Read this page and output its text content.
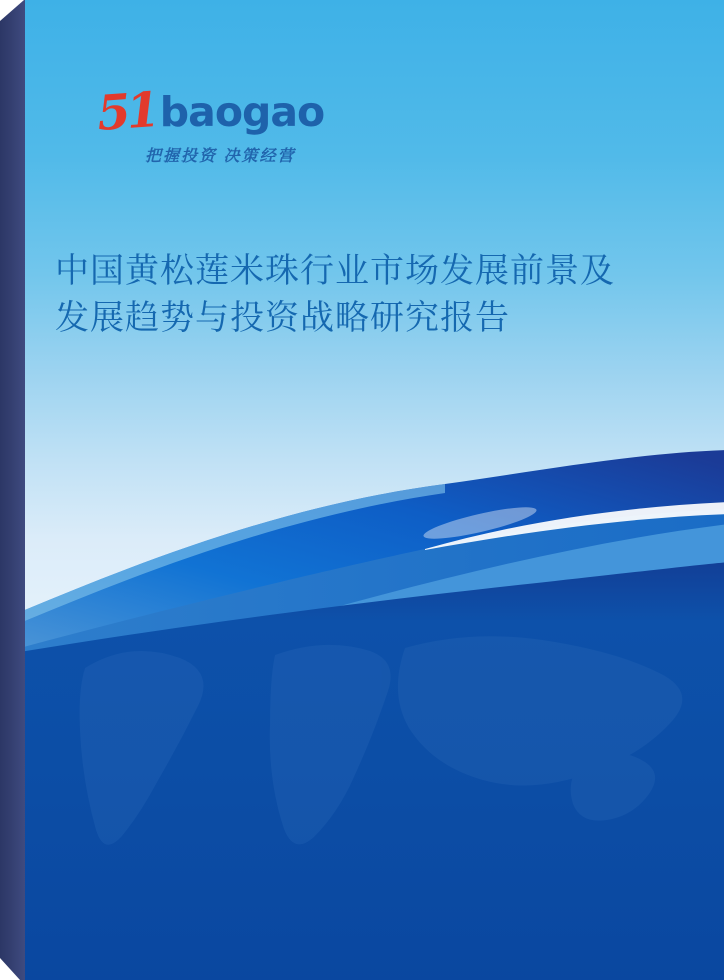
51baogao
把握投资 决策经营
中国黄松莲米珠行业市场发展前景及
发展趋势与投资战略研究报告
